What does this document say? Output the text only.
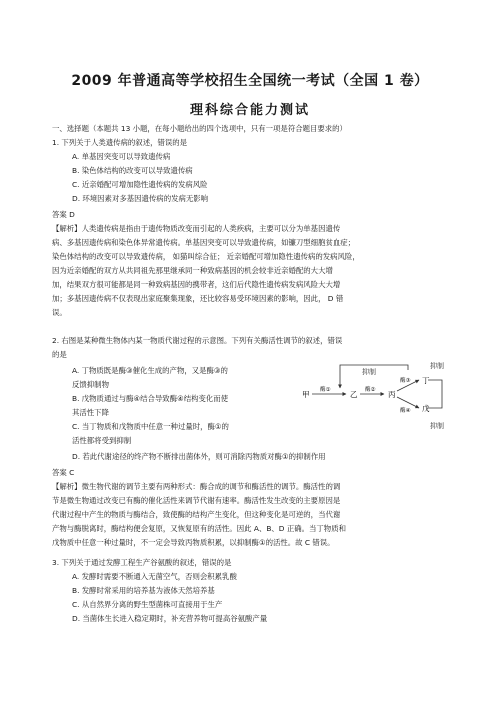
2009 年普通高等学校招生全国统一考试（全国 1 卷）
理科综合能力测试
一、选择题（本题共 13 小题，在每小题给出的四个选项中，只有一项是符合题目要求的）
1. 下列关于人类遗传病的叙述，错误的是
A. 单基因突变可以导致遗传病
B. 染色体结构的改变可以导致遗传病
C. 近亲婚配可增加隐性遗传病的发病风险
D. 环境因素对多基因遗传病的发病无影响
答案 D
【解析】人类遗传病是指由于遗传物质改变而引起的人类疾病，主要可以分为单基因遗传
病、多基因遗传病和染色体异常遗传病。单基因突变可以导致遗传病，如镰刀型细胞贫血症；
染色体结构的改变可以导致遗传病， 如猫叫综合征； 近亲婚配可增加隐性遗传病的发病风险，
因为近亲婚配的双方从共同祖先那里继承同一种致病基因的机会较非近亲婚配的大大增
加，结果双方很可能都是同一种致病基因的携带者，这们后代隐性遗传病发病风险大大增
加；多基因遗传病不仅表现出家庭聚集现象，还比较容易受环境因素的影响，因此， D 错
误。
2. 右图是某种微生物体内某一物质代谢过程的示意图。下列有关酶活性调节的叙述，错误
的是
A. 丁物质既是酶③催化生成的产物，又是酶③的
反馈抑制物
B. 戊物质通过与酶④结合导致酶④结构变化而使
其活性下降
C. 当丁物质和戊物质中任意一种过量时，酶①的
活性都将受到抑制
D. 若此代谢途径的终产物不断排出菌体外，则可消除丙物质对酶①的抑制作用
答案 C
【解析】微生物代谢的调节主要有两种形式：酶合成的调节和酶活性的调节。酶活性的调
节是微生物通过改变已有酶的催化活性来调节代谢有速率。酶活性发生改变的主要原因是
代谢过程中产生的物质与酶结合，致使酶的结构产生变化，但这种变化是可逆的，当代谢
产物与酶脱离时，酶结构便会复原，又恢复原有的活性。因此 A、B、D 正确。当丁物质和
戊物质中任意一种过量时，不一定会导致丙物质积累，以抑制酶①的活性。故 C 错误。
抑制
抑制
抑制
甲	乙	丙
丁
戊
酶①	酶②
酶③
酶④
3. 下列关于通过发酵工程生产谷氨酸的叙述，错误的是
A. 发酵时需要不断通入无菌空气，否则会积累乳酸
B. 发酵时常采用的培养基为液体天然培养基
C. 从自然界分离的野生型菌株可直接用于生产
D. 当菌体生长进入稳定期时，补充营养物可提高谷氨酸产量
